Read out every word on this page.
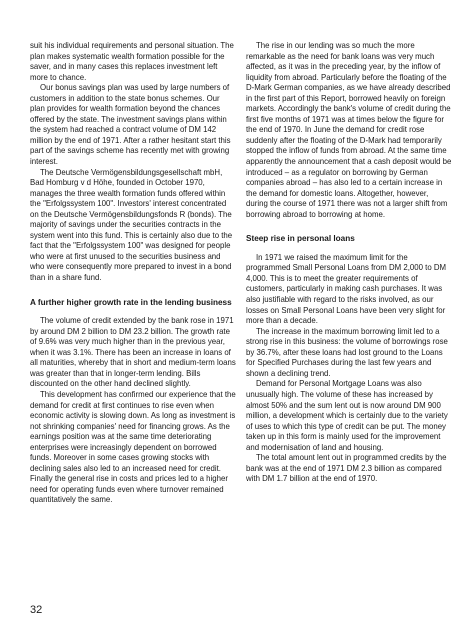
suit his individual requirements and personal situation. The plan makes systematic wealth formation possible for the saver, and in many cases this replaces investment left more to chance.

Our bonus savings plan was used by large numbers of customers in addition to the state bonus schemes. Our plan provides for wealth formation beyond the chances offered by the state. The investment savings plans within the system had reached a contract volume of DM 142 million by the end of 1971. After a rather hesitant start this part of the savings scheme has recently met with growing interest.

The Deutsche Vermögensbildungsgesellschaft mbH, Bad Homburg v d Höhe, founded in October 1970, manages the three wealth formation funds offered within the "Erfolgssystem 100". Investors' interest concentrated on the Deutsche Vermögensbildungsfonds R (bonds). The majority of savings under the securities contracts in the system went into this fund. This is certainly also due to the fact that the "Erfolgssystem 100" was designed for people who were at first unused to the securities business and who were consequently more prepared to invest in a bond than in a share fund.

A further higher growth rate in the lending business

The volume of credit extended by the bank rose in 1971 by around DM 2 billion to DM 23.2 billion. The growth rate of 9.6% was very much higher than in the previous year, when it was 3.1%. There has been an increase in loans of all maturities, whereby that in short and medium-term loans was greater than that in longer-term lending. Bills discounted on the other hand declined slightly.

This development has confirmed our experience that the demand for credit at first continues to rise even when economic activity is slowing down. As long as investment is not shrinking companies' need for financing grows. As the earnings position was at the same time deteriorating enterprises were increasingly dependent on borrowed funds. Moreover in some cases growing stocks with declining sales also led to an increased need for credit. Finally the general rise in costs and prices led to a higher need for operating funds even where turnover remained quantitatively the same.

The rise in our lending was so much the more remarkable as the need for bank loans was very much affected, as it was in the preceding year, by the inflow of liquidity from abroad. Particularly before the floating of the D-Mark German companies, as we have already described in the first part of this Report, borrowed heavily on foreign markets. Accordingly the bank's volume of credit during the first five months of 1971 was at times below the figure for the end of 1970. In June the demand for credit rose suddenly after the floating of the D-Mark had temporarily stopped the inflow of funds from abroad. At the same time apparently the announcement that a cash deposit would be introduced – as a regulator on borrowing by German companies abroad – has also led to a certain increase in the demand for domestic loans. Altogether, however, during the course of 1971 there was not a larger shift from borrowing abroad to borrowing at home.

Steep rise in personal loans

In 1971 we raised the maximum limit for the programmed Small Personal Loans from DM 2,000 to DM 4,000. This is to meet the greater requirements of customers, particularly in making cash purchases. It was also justifiable with regard to the risks involved, as our losses on Small Personal Loans have been very slight for more than a decade.

The increase in the maximum borrowing limit led to a strong rise in this business: the volume of borrowings rose by 36.7%, after these loans had lost ground to the Loans for Specified Purchases during the last few years and shown a declining trend.

Demand for Personal Mortgage Loans was also unusually high. The volume of these has increased by almost 50% and the sum lent out is now around DM 900 million, a development which is certainly due to the variety of uses to which this type of credit can be put. The money taken up in this form is mainly used for the improvement and modernisation of land and housing.

The total amount lent out in programmed credits by the bank was at the end of 1971 DM 2.3 billion as compared with DM 1.7 billion at the end of 1970.

32
